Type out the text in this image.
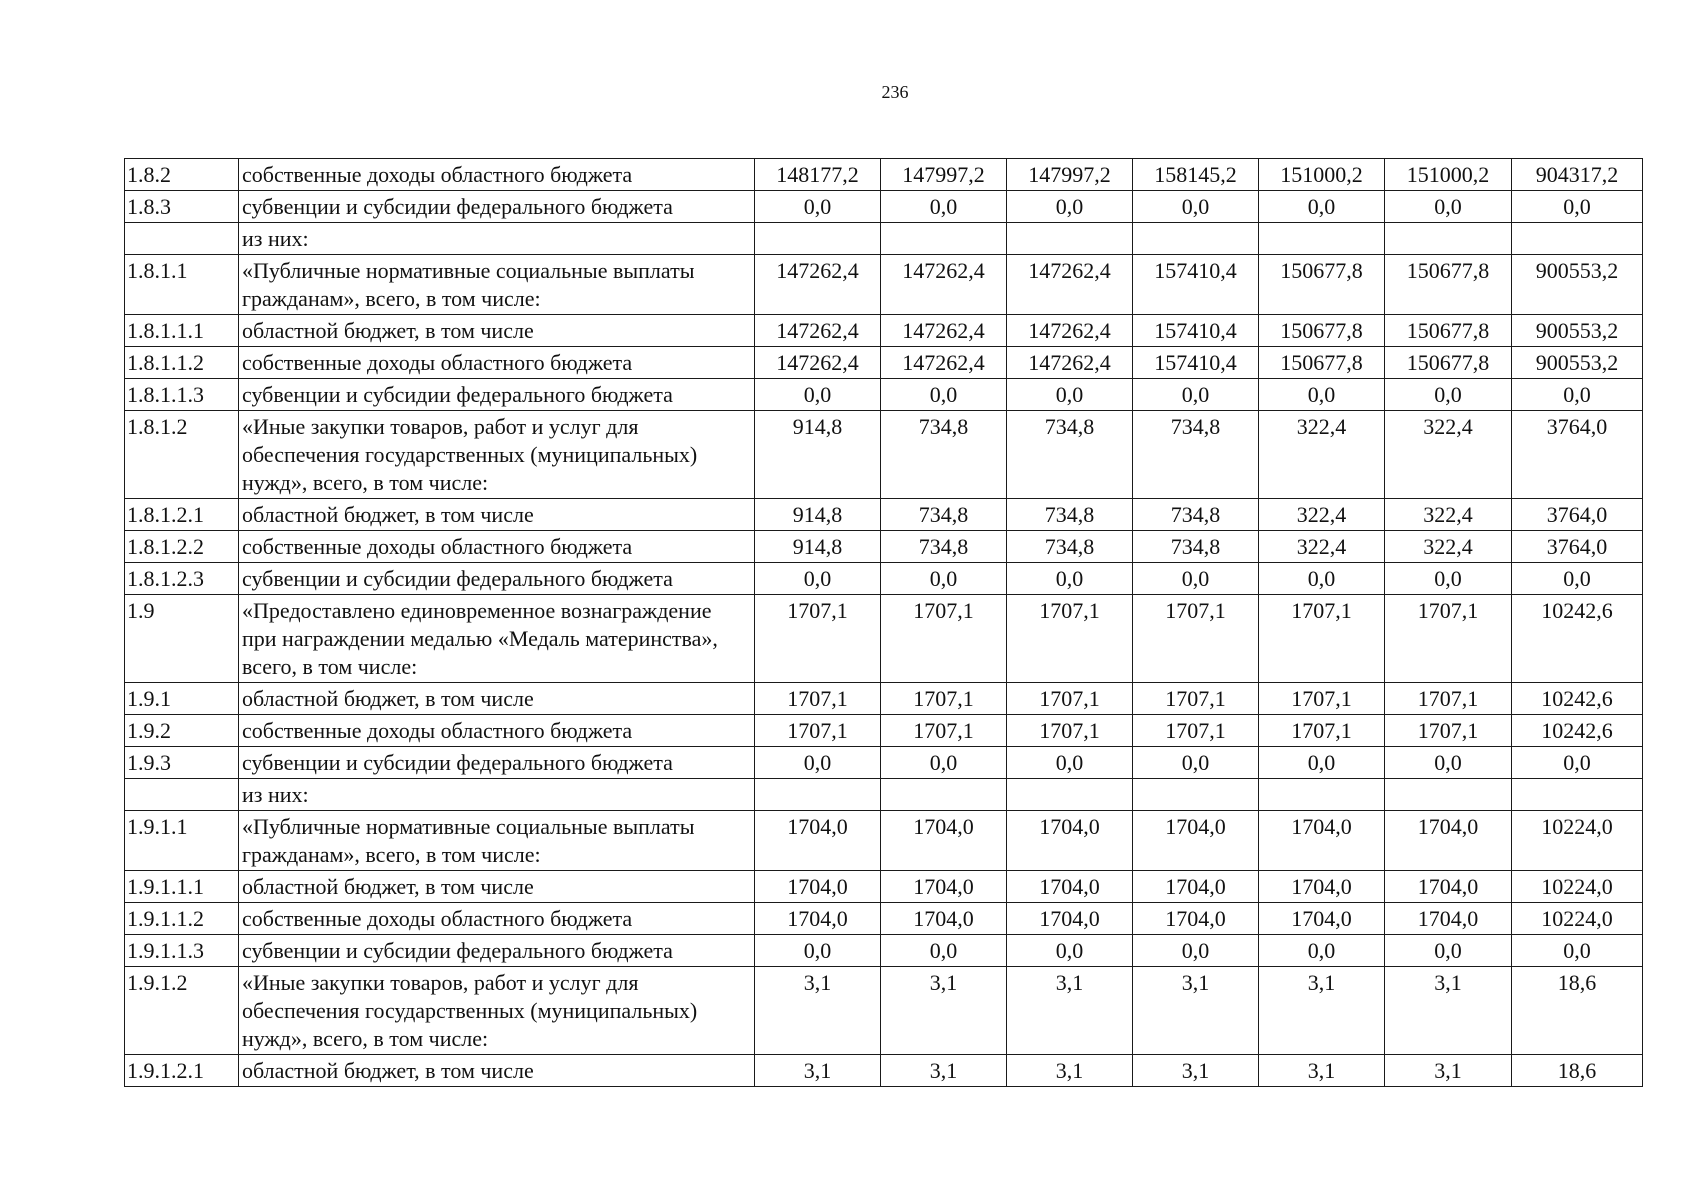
236
1.8.2	собственные доходы областного бюджета	148177,2	147997,2	147997,2	158145,2	151000,2	151000,2	904317,2
1.8.3	субвенции и субсидии федерального бюджета	0,0	0,0	0,0	0,0	0,0	0,0	0,0
	из них:							
1.8.1.1	«Публичные нормативные социальные выплаты гражданам», всего, в том числе:	147262,4	147262,4	147262,4	157410,4	150677,8	150677,8	900553,2
1.8.1.1.1	областной бюджет, в том числе	147262,4	147262,4	147262,4	157410,4	150677,8	150677,8	900553,2
1.8.1.1.2	собственные доходы областного бюджета	147262,4	147262,4	147262,4	157410,4	150677,8	150677,8	900553,2
1.8.1.1.3	субвенции и субсидии федерального бюджета	0,0	0,0	0,0	0,0	0,0	0,0	0,0
1.8.1.2	«Иные закупки товаров, работ и услуг для обеспечения государственных (муниципальных) нужд», всего, в том числе:	914,8	734,8	734,8	734,8	322,4	322,4	3764,0
1.8.1.2.1	областной бюджет, в том числе	914,8	734,8	734,8	734,8	322,4	322,4	3764,0
1.8.1.2.2	собственные доходы областного бюджета	914,8	734,8	734,8	734,8	322,4	322,4	3764,0
1.8.1.2.3	субвенции и субсидии федерального бюджета	0,0	0,0	0,0	0,0	0,0	0,0	0,0
1.9	«Предоставлено единовременное вознаграждение при награждении медалью «Медаль материнства», всего, в том числе:	1707,1	1707,1	1707,1	1707,1	1707,1	1707,1	10242,6
1.9.1	областной бюджет, в том числе	1707,1	1707,1	1707,1	1707,1	1707,1	1707,1	10242,6
1.9.2	собственные доходы областного бюджета	1707,1	1707,1	1707,1	1707,1	1707,1	1707,1	10242,6
1.9.3	субвенции и субсидии федерального бюджета	0,0	0,0	0,0	0,0	0,0	0,0	0,0
	из них:							
1.9.1.1	«Публичные нормативные социальные выплаты гражданам», всего, в том числе:	1704,0	1704,0	1704,0	1704,0	1704,0	1704,0	10224,0
1.9.1.1.1	областной бюджет, в том числе	1704,0	1704,0	1704,0	1704,0	1704,0	1704,0	10224,0
1.9.1.1.2	собственные доходы областного бюджета	1704,0	1704,0	1704,0	1704,0	1704,0	1704,0	10224,0
1.9.1.1.3	субвенции и субсидии федерального бюджета	0,0	0,0	0,0	0,0	0,0	0,0	0,0
1.9.1.2	«Иные закупки товаров, работ и услуг для обеспечения государственных (муниципальных) нужд», всего, в том числе:	3,1	3,1	3,1	3,1	3,1	3,1	18,6
1.9.1.2.1	областной бюджет, в том числе	3,1	3,1	3,1	3,1	3,1	3,1	18,6
